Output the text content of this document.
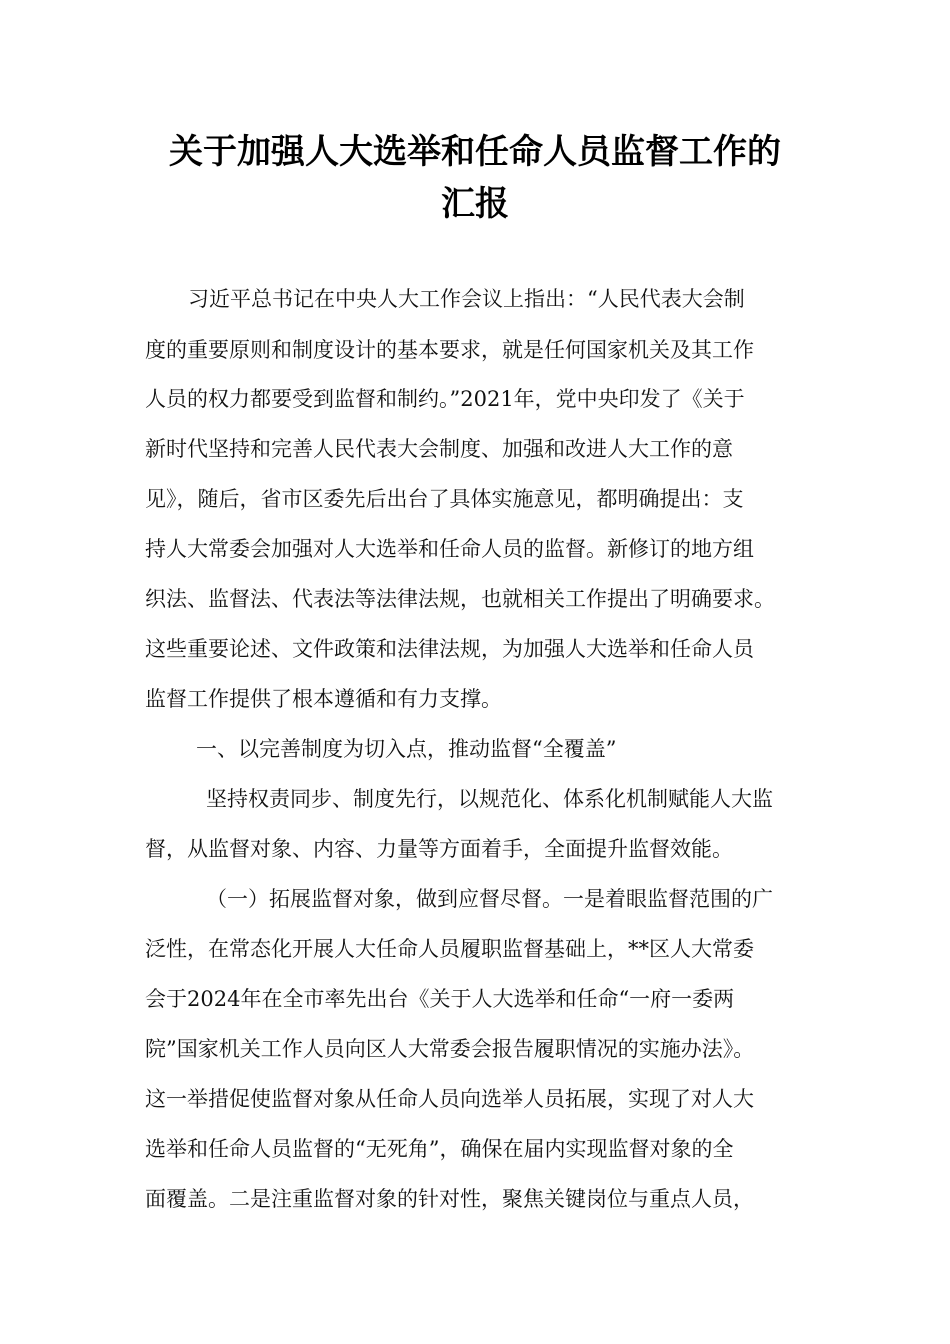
关于加强人大选举和任命人员监督工作的
汇报
习近平总书记在中央人大工作会议上指出：“人民代表大会制
度的重要原则和制度设计的基本要求，就是任何国家机关及其工作
人员的权力都要受到监督和制约。”2021年，党中央印发了《关于
新时代坚持和完善人民代表大会制度、加强和改进人大工作的意
见》，随后，省市区委先后出台了具体实施意见，都明确提出：支
持人大常委会加强对人大选举和任命人员的监督。新修订的地方组
织法、监督法、代表法等法律法规，也就相关工作提出了明确要求。
这些重要论述、文件政策和法律法规，为加强人大选举和任命人员
监督工作提供了根本遵循和有力支撑。
一、以完善制度为切入点，推动监督“全覆盖”
坚持权责同步、制度先行，以规范化、体系化机制赋能人大监
督，从监督对象、内容、力量等方面着手，全面提升监督效能。
（一）拓展监督对象，做到应督尽督。一是着眼监督范围的广
泛性，在常态化开展人大任命人员履职监督基础上，**区人大常委
会于2024年在全市率先出台《关于人大选举和任命“一府一委两
院”国家机关工作人员向区人大常委会报告履职情况的实施办法》。
这一举措促使监督对象从任命人员向选举人员拓展，实现了对人大
选举和任命人员监督的“无死角”，确保在届内实现监督对象的全
面覆盖。二是注重监督对象的针对性，聚焦关键岗位与重点人员，
